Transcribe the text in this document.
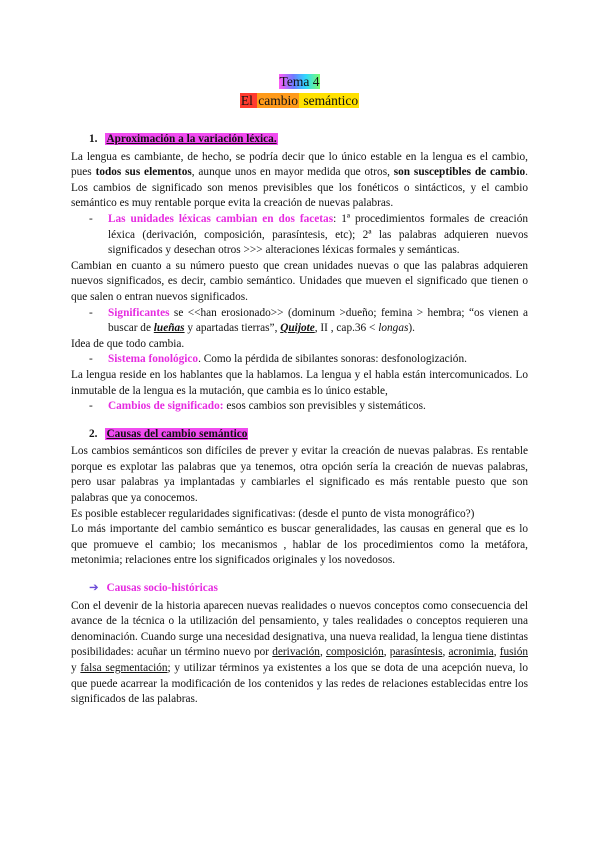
Tema 4
El cambio semántico
1. Aproximación a la variación léxica.

La lengua es cambiante, de hecho, se podría decir que lo único estable en la lengua es el cambio, pues todos sus elementos, aunque unos en mayor medida que otros, son susceptibles de cambio. Los cambios de significado son menos previsibles que los fonéticos o sintácticos, y el cambio semántico es muy rentable porque evita la creación de nuevas palabras.

- Las unidades léxicas cambian en dos facetas: 1ª procedimientos formales de creación léxica (derivación, composición, parasíntesis, etc); 2ª las palabras adquieren nuevos significados y desechan otros >>> alteraciones léxicas formales y semánticas.

Cambian en cuanto a su número puesto que crean unidades nuevas o que las palabras adquieren nuevos significados, es decir, cambio semántico. Unidades que mueven el significado que tienen o que salen o entran nuevos significados.

- Significantes se <<han erosionado>> (dominum >dueño; femina > hembra; “os vienen a buscar de lueñas y apartadas tierras”, Quijote, II , cap.36 < longas).

Idea de que todo cambia.

- Sistema fonológico. Como la pérdida de sibilantes sonoras: desfonologización.

La lengua reside en los hablantes que la hablamos. La lengua y el habla están intercomunicados. Lo inmutable de la lengua es la mutación, que cambia es lo único estable,

- Cambios de significado: esos cambios son previsibles y sistemáticos.
2. Causas del cambio semántico

Los cambios semánticos son difíciles de prever y evitar la creación de nuevas palabras. Es rentable porque es explotar las palabras que ya tenemos, otra opción sería la creación de nuevas palabras, pero usar palabras ya implantadas y cambiarles el significado es más rentable puesto que son palabras que ya conocemos.

Es posible establecer regularidades significativas: (desde el punto de vista monográfico?)

Lo más importante del cambio semántico es buscar generalidades, las causas en general que es lo que promueve el cambio; los mecanismos , hablar de los procedimientos como la metáfora, metonimia; relaciones entre los significados originales y los novedosos.

➔ Causas socio-históricas

Con el devenir de la historia aparecen nuevas realidades o nuevos conceptos como consecuencia del avance de la técnica o la utilización del pensamiento, y tales realidades o conceptos requieren una denominación. Cuando surge una necesidad designativa, una nueva realidad, la lengua tiene distintas posibilidades: acuñar un término nuevo por derivación, composición, parasíntesis, acronimia, fusión y falsa segmentación; y utilizar términos ya existentes a los que se dota de una acepción nueva, lo que puede acarrear la modificación de los contenidos y las redes de relaciones establecidas entre los significados de las palabras.
